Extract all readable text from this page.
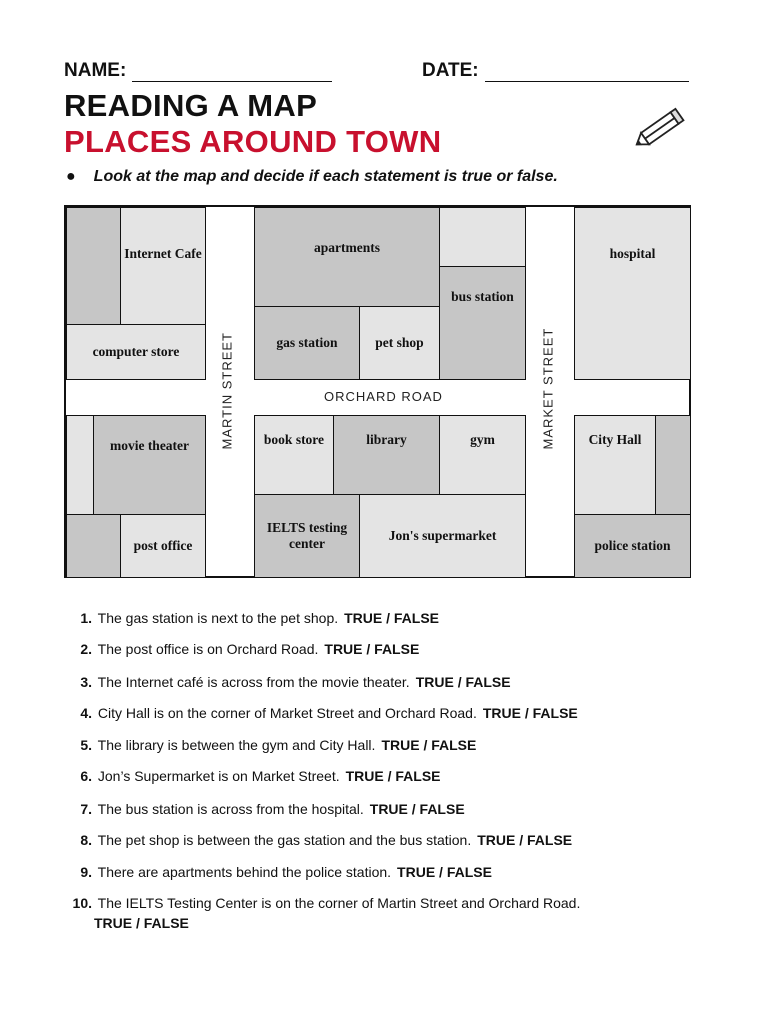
NAME:	DATE:
READING A MAP
PLACES AROUND TOWN
● Look at the map and decide if each statement is true or false.
Internet Cafe
computer store
apartments
bus station
gas station	pet shop
hospital
movie theater
post office
book store	library	gym
IELTS testing center
Jon's supermarket
City Hall
police station
MARTIN STREET	MARKET STREET
ORCHARD ROAD
1. The gas station is next to the pet shop. TRUE / FALSE
2. The post office is on Orchard Road. TRUE / FALSE
3. The Internet café is across from the movie theater. TRUE / FALSE
4. City Hall is on the corner of Market Street and Orchard Road. TRUE / FALSE
5. The library is between the gym and City Hall. TRUE / FALSE
6. Jon’s Supermarket is on Market Street. TRUE / FALSE
7. The bus station is across from the hospital. TRUE / FALSE
8. The pet shop is between the gas station and the bus station. TRUE / FALSE
9. There are apartments behind the police station. TRUE / FALSE
10. The IELTS Testing Center is on the corner of Martin Street and Orchard Road.
TRUE / FALSE
